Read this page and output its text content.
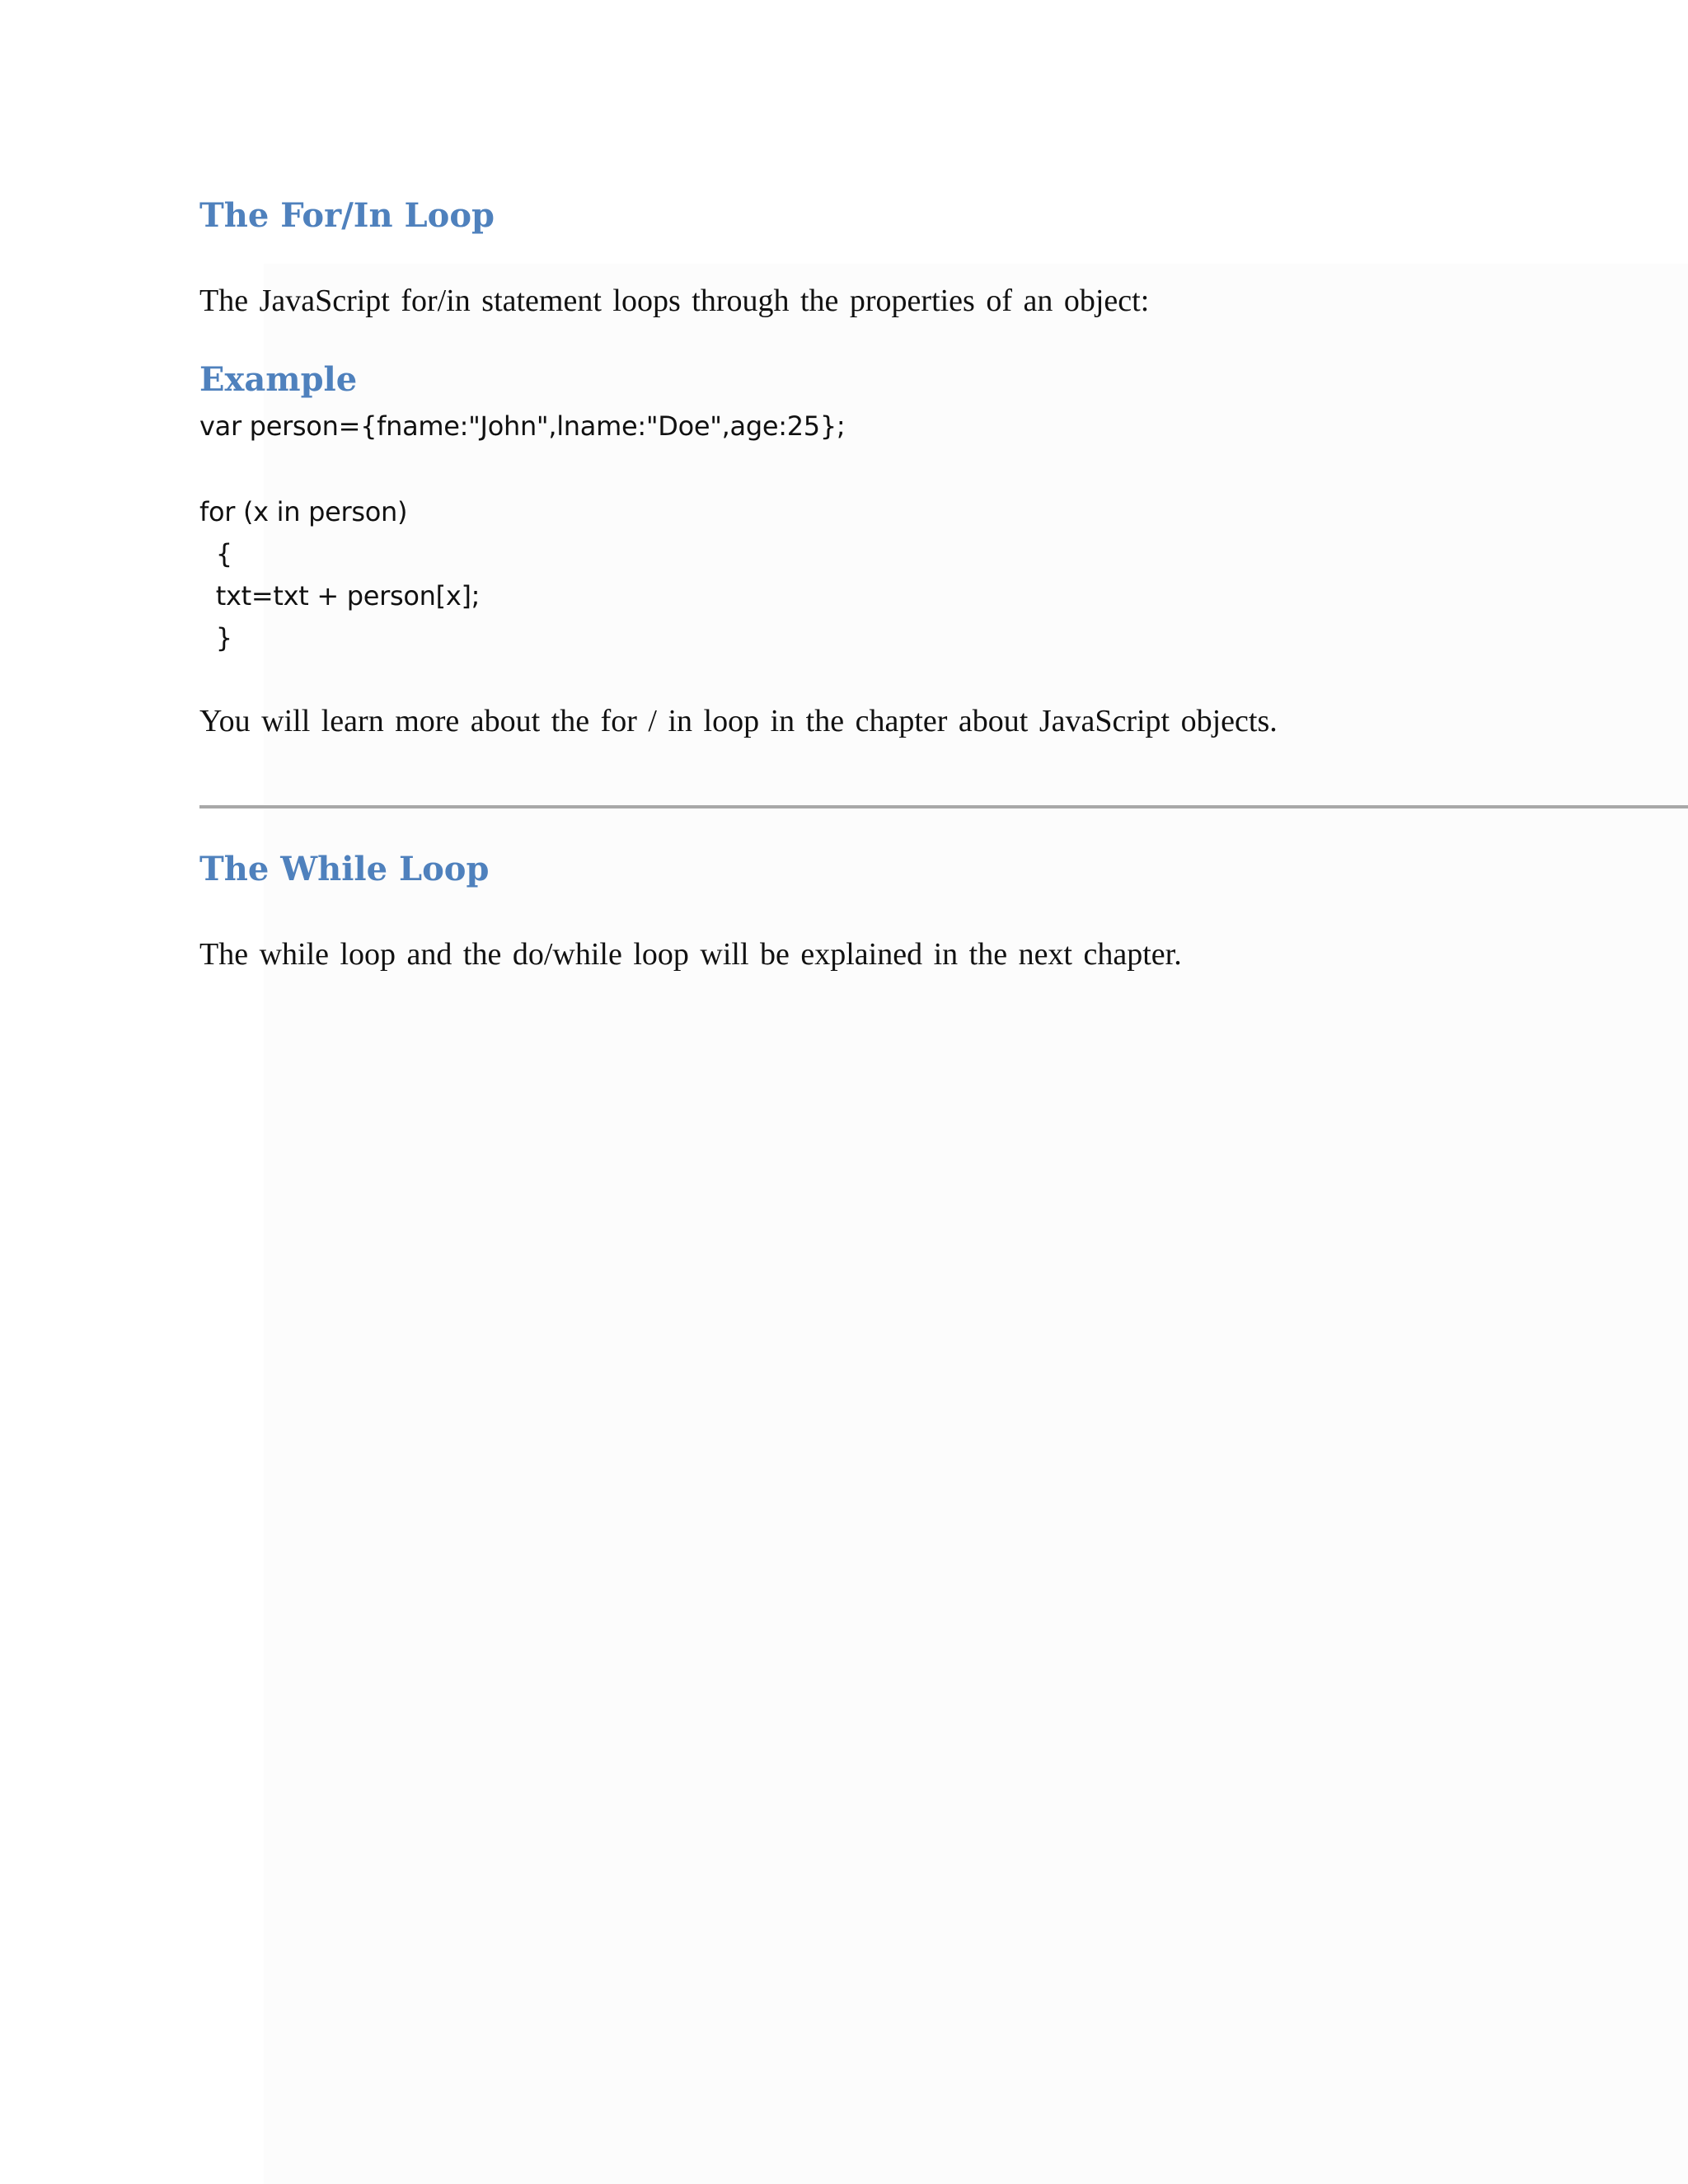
The For/In Loop

The JavaScript for/in statement loops through the properties of an object:

Example
var person={fname:"John",lname:"Doe",age:25};
for (x in person)
{
txt=txt + person[x];
}

You will learn more about the for / in loop in the chapter about JavaScript objects.

The While Loop

The while loop and the do/while loop will be explained in the next chapter.
